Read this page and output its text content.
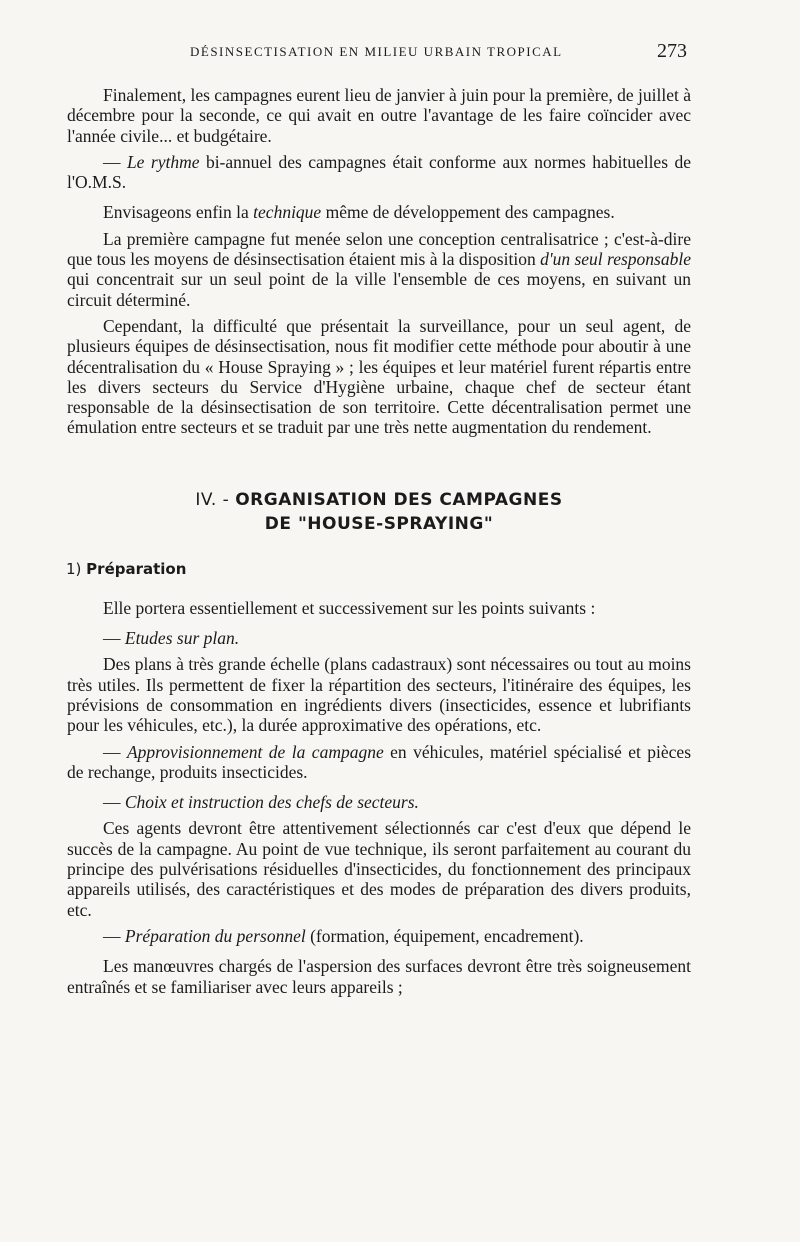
DÉSINSECTISATION EN MILIEU URBAIN TROPICAL	273

Finalement, les campagnes eurent lieu de janvier à juin pour la première, de juillet à décembre pour la seconde, ce qui avait en outre l'avantage de les faire coïncider avec l'année civile... et budgétaire.

— Le rythme bi-annuel des campagnes était conforme aux normes habituelles de l'O.M.S.

Envisageons enfin la technique même de développement des campagnes.

La première campagne fut menée selon une conception centralisatrice ; c'est-à-dire que tous les moyens de désinsectisation étaient mis à la disposition d'un seul responsable qui concentrait sur un seul point de la ville l'ensemble de ces moyens, en suivant un circuit déterminé.

Cependant, la difficulté que présentait la surveillance, pour un seul agent, de plusieurs équipes de désinsectisation, nous fit modifier cette méthode pour aboutir à une décentralisation du « House Spraying » ; les équipes et leur matériel furent répartis entre les divers secteurs du Service d'Hygiène urbaine, chaque chef de secteur étant responsable de la désinsectisation de son territoire. Cette décentralisation permet une émulation entre secteurs et se traduit par une très nette augmentation du rendement.

IV. - ORGANISATION DES CAMPAGNES
DE "HOUSE-SPRAYING"
1) Préparation

Elle portera essentiellement et successivement sur les points suivants :

— Etudes sur plan.

Des plans à très grande échelle (plans cadastraux) sont nécessaires ou tout au moins très utiles. Ils permettent de fixer la répartition des secteurs, l'itinéraire des équipes, les prévisions de consommation en ingrédients divers (insecticides, essence et lubrifiants pour les véhicules, etc.), la durée approximative des opérations, etc.

— Approvisionnement de la campagne en véhicules, matériel spécialisé et pièces de rechange, produits insecticides.

— Choix et instruction des chefs de secteurs.

Ces agents devront être attentivement sélectionnés car c'est d'eux que dépend le succès de la campagne. Au point de vue technique, ils seront parfaitement au courant du principe des pulvérisations résiduelles d'insecticides, du fonctionnement des principaux appareils utilisés, des caractéristiques et des modes de préparation des divers produits, etc.

— Préparation du personnel (formation, équipement, encadrement).

Les manœuvres chargés de l'aspersion des surfaces devront être très soigneusement entraînés et se familiariser avec leurs appareils ;
